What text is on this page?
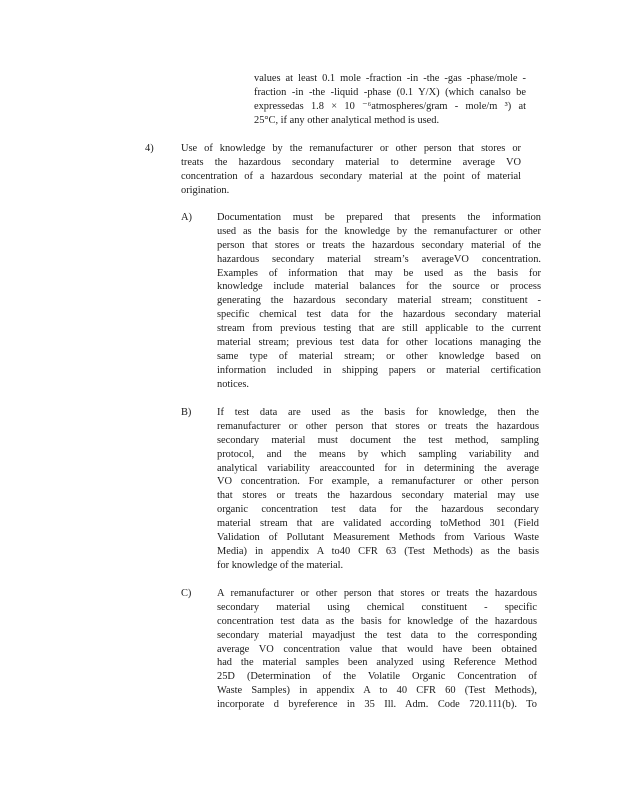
values at least 0.1 mole -fraction -in -the -gas -phase/mole -
fraction -in -the -liquid -phase (0.1 Y/X) (which canalso be
expressedas 1.8 × 10 ⁻⁶atmospheres/gram - mole/m ³) at
25°C, if any other analytical method is used.
4)	Use of knowledge by the remanufacturer or other person that stores or
treats the hazardous secondary material to determine average VO
concentration of a hazardous secondary material at the point of material
origination.
A) Documentation must be prepared that presents the information
used as the basis for the knowledge by the remanufacturer or other
person that stores or treats the hazardous secondary material of the
hazardous secondary material stream’s averageVO concentration.
Examples of information that may be used as the basis for
knowledge include material balances for the source or process
generating the hazardous secondary material stream; constituent -
specific chemical test data for the hazardous secondary material
stream from previous testing that are still applicable to the current
material stream; previous test data for other locations managing the
same type of material stream; or other knowledge based on
information included in shipping papers or material certification
notices.
B) If test data are used as the basis for knowledge, then the
remanufacturer or other person that stores or treats the hazardous
secondary material must document the test method, sampling
protocol, and the means by which sampling variability and
analytical variability areaccounted for in determining the average
VO concentration. For example, a remanufacturer or other person
that stores or treats the hazardous secondary material may use
organic concentration test data for the hazardous secondary
material stream that are validated according toMethod 301 (Field
Validation of Pollutant Measurement Methods from Various Waste
Media) in appendix A to40 CFR 63 (Test Methods) as the basis
for knowledge of the material.
C) A remanufacturer or other person that stores or treats the hazardous
secondary material using chemical constituent - specific
concentration test data as the basis for knowledge of the hazardous
secondary material mayadjust the test data to the corresponding
average VO concentration value that would have been obtained
had the material samples been analyzed using Reference Method
25D (Determination of the Volatile Organic Concentration of
Waste Samples) in appendix A to 40 CFR 60 (Test Methods),
incorporate d byreference in 35 Ill. Adm. Code 720.111(b). To
